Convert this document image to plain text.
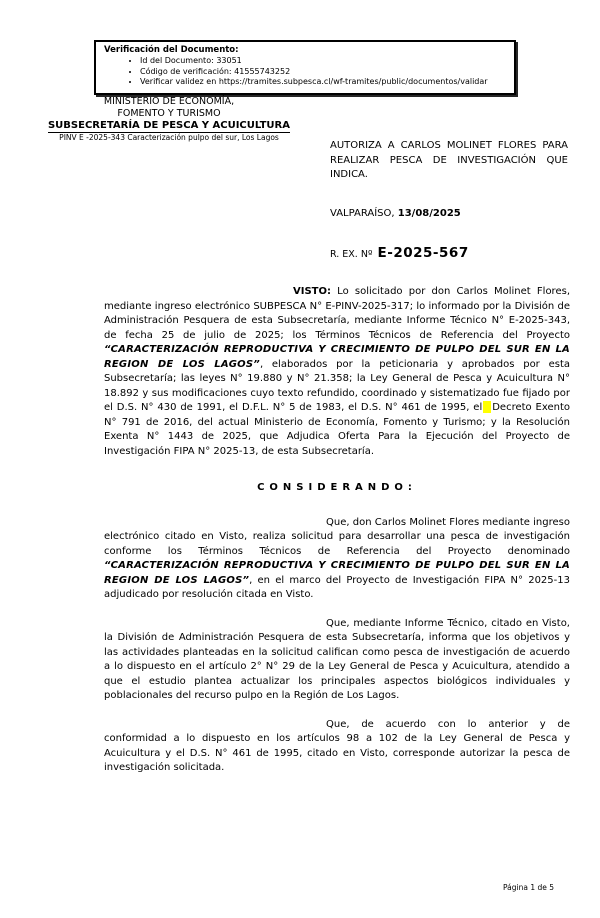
Verificación del Documento:
• Id del Documento: 33051
• Código de verificación: 41555743252
• Verificar validez en https://tramites.subpesca.cl/wf-tramites/public/documentos/validar
MINISTERIO DE ECONOMÍA,
FOMENTO Y TURISMO
SUBSECRETARÍA DE PESCA Y ACUICULTURA
PINV E -2025-343 Caracterización pulpo del sur, Los Lagos
AUTORIZA A CARLOS MOLINET FLORES PARA REALIZAR PESCA DE INVESTIGACIÓN QUE INDICA.
VALPARAÍSO, 13/08/2025
R. EX. Nº E-2025-567

VISTO: Lo solicitado por don Carlos Molinet Flores, mediante ingreso electrónico SUBPESCA N° E-PINV-2025-317; lo informado por la División de Administración Pesquera de esta Subsecretaría, mediante Informe Técnico N° E-2025-343, de fecha 25 de julio de 2025; los Términos Técnicos de Referencia del Proyecto “CARACTERIZACIÓN REPRODUCTIVA Y CRECIMIENTO DE PULPO DEL SUR EN LA REGION DE LOS LAGOS”, elaborados por la peticionaria y aprobados por esta Subsecretaría; las leyes N° 19.880 y N° 21.358; la Ley General de Pesca y Acuicultura N° 18.892 y sus modificaciones cuyo texto refundido, coordinado y sistematizado fue fijado por el D.S. N° 430 de 1991, el D.F.L. N° 5 de 1983, el D.S. N° 461 de 1995, el Decreto Exento N° 791 de 2016, del actual Ministerio de Economía, Fomento y Turismo; y la Resolución Exenta N° 1443 de 2025, que Adjudica Oferta Para la Ejecución del Proyecto de Investigación FIPA N° 2025-13, de esta Subsecretaría.

CONSIDERANDO:

Que, don Carlos Molinet Flores mediante ingreso electrónico citado en Visto, realiza solicitud para desarrollar una pesca de investigación conforme los Términos Técnicos de Referencia del Proyecto denominado “CARACTERIZACIÓN REPRODUCTIVA Y CRECIMIENTO DE PULPO DEL SUR EN LA REGION DE LOS LAGOS”, en el marco del Proyecto de Investigación FIPA N° 2025-13 adjudicado por resolución citada en Visto.

Que, mediante Informe Técnico, citado en Visto, la División de Administración Pesquera de esta Subsecretaría, informa que los objetivos y las actividades planteadas en la solicitud califican como pesca de investigación de acuerdo a lo dispuesto en el artículo 2° N° 29 de la Ley General de Pesca y Acuicultura, atendido a que el estudio plantea actualizar los principales aspectos biológicos individuales y poblacionales del recurso pulpo en la Región de Los Lagos.

Que, de acuerdo con lo anterior y de conformidad a lo dispuesto en los artículos 98 a 102 de la Ley General de Pesca y Acuicultura y el D.S. N° 461 de 1995, citado en Visto, corresponde autorizar la pesca de investigación solicitada.

Página 1 de 5
